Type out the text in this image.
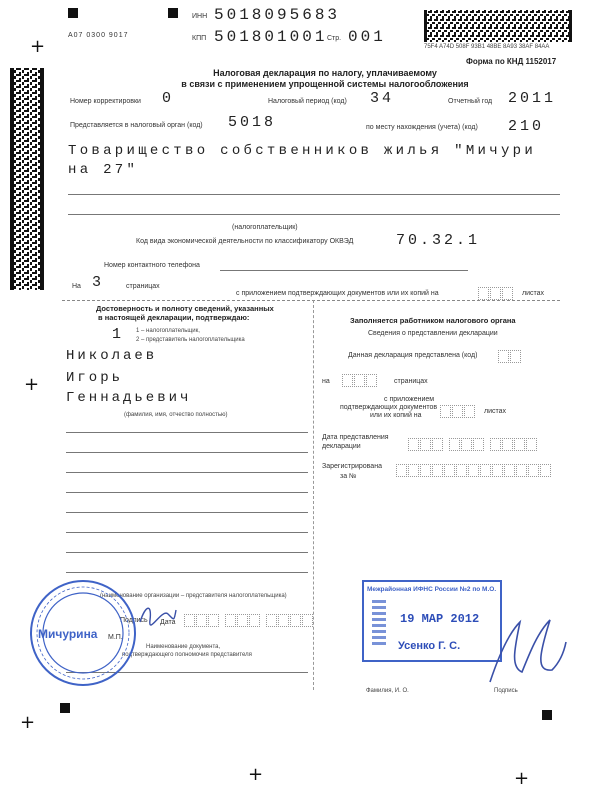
+
+
+
+	+
75F4 A74D 508F 93B1 48BE 8A93 38AF 84AA
A07 0300 9017
ИНН 5018095683
КПП 501801001 Стр. 001
Форма по КНД 1152017
Налоговая декларация по налогу, уплачиваемому
в связи с применением упрощенной системы налогообложения
Номер корректировки 0	Налоговый период (код) 34	Отчетный год 2011
Представляется в налоговый орган (код) 5018	по месту нахождения (учета) (код) 210
Товарищество собственников жилья "Мичури
на 27"
(налогоплательщик)
Код вида экономической деятельности по классификатору ОКВЭД	70.32.1
Номер контактного телефона
На 3	страницах
с приложением подтверждающих документов или их копий на	листах
Достоверность и полноту сведений, указанных
в настоящей декларации, подтверждаю:
1 1 – налогоплательщик,
2 – представитель налогоплательщика
Николаев
Игорь
Геннадьевич
(фамилия, имя, отчество полностью)
(наименование организации – представителя налогоплательщика)
Подпись Дата
М.П.
Наименование документа,
подтверждающего полномочия представителя
Мичурина
Заполняется работником налогового органа
Сведения о представлении декларации
Данная декларация представлена (код)
на	страницах
с приложением
подтверждающих документов
или их копий на
листах
Дата представления
декларации
Зарегистрирована
за №
Межрайонная ИФНС России №2 по М.О.
19 МАР 2012
Усенко Г. С.
Фамилия, И. О.	Подпись
